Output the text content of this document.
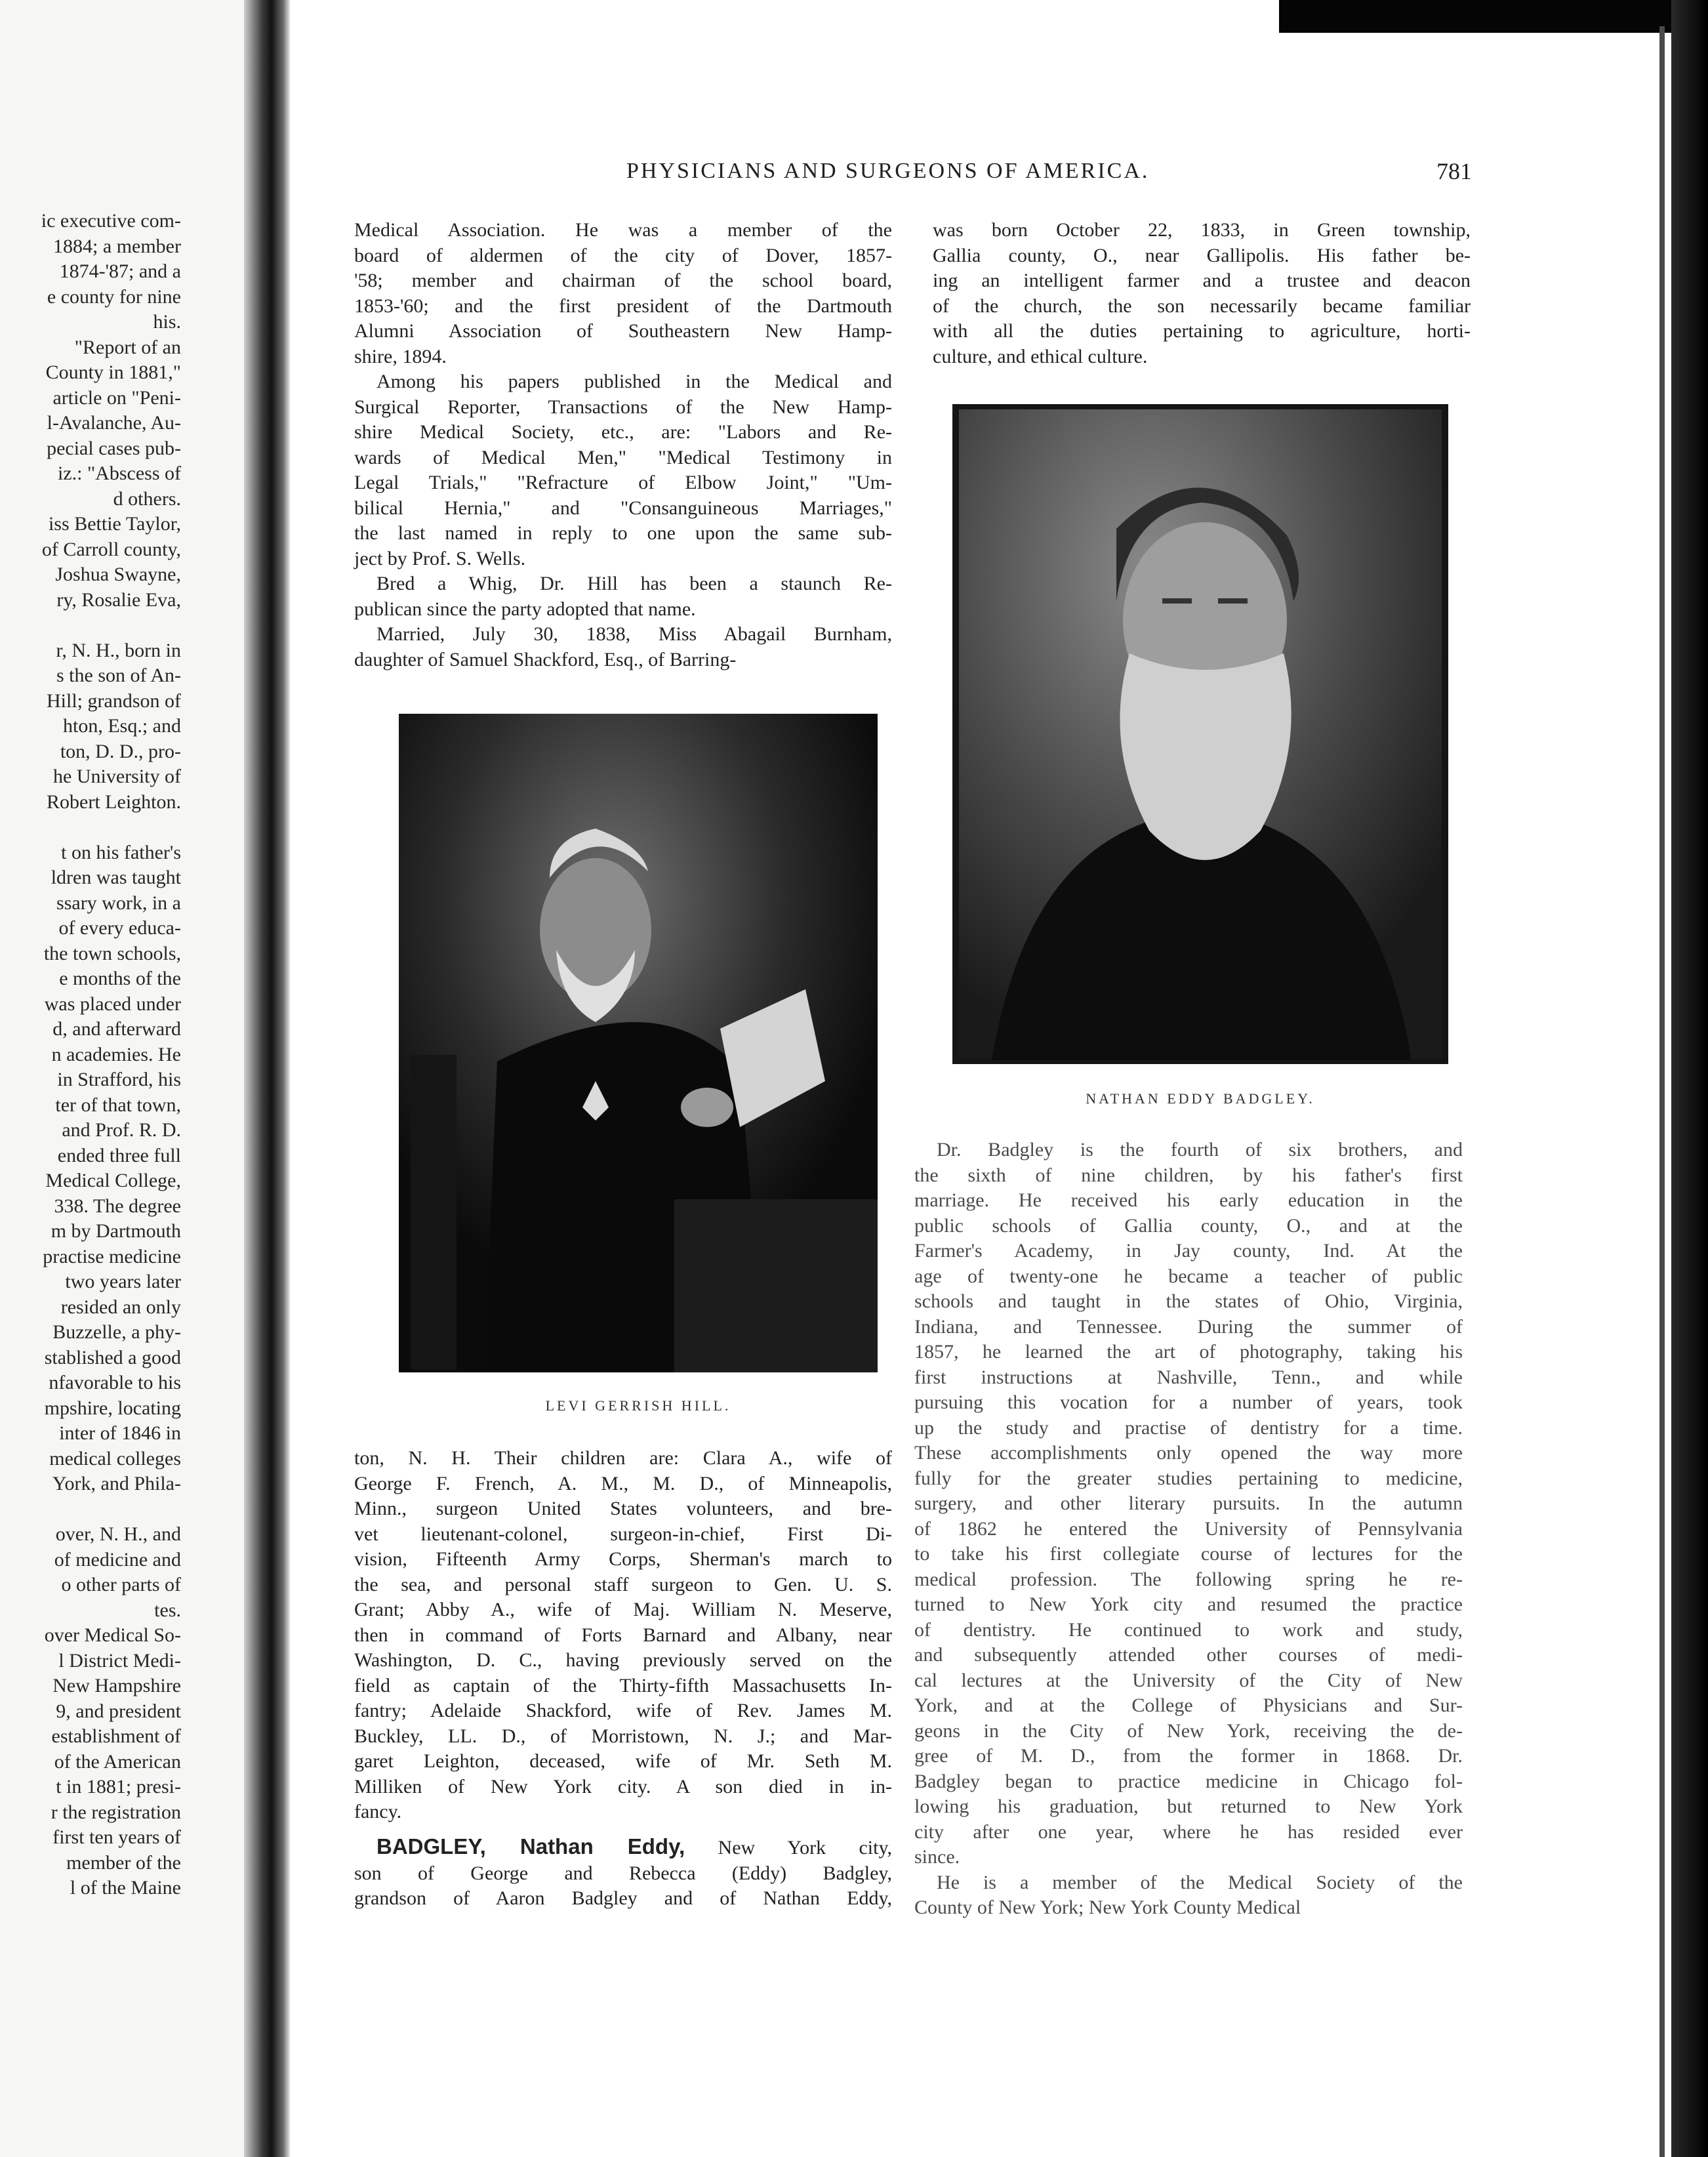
ic executive com-
1884; a member
1874-'87; and a
e county for nine
his.
"Report of an
County in 1881,"
article on "Peni-
l-Avalanche, Au-
pecial cases pub-
iz.: "Abscess of
d others.
iss Bettie Taylor,
of Carroll county,
Joshua Swayne,
ry, Rosalie Eva,

r, N. H., born in
s the son of An-
Hill; grandson of
hton, Esq.; and
ton, D. D., pro-
he University of
Robert Leighton.

t on his father's
ldren was taught
ssary work, in a
of every educa-
the town schools,
e months of the
was placed under
d, and afterward
n academies. He
in Strafford, his
ter of that town,
and Prof. R. D.
ended three full
Medical College,
338. The degree
m by Dartmouth
practise medicine
two years later
resided an only
Buzzelle, a phy-
stablished a good
nfavorable to his
mpshire, locating
inter of 1846 in
medical colleges
York, and Phila-

over, N. H., and
of medicine and
o other parts of
tes.
over Medical So-
l District Medi-
New Hampshire
9, and president
establishment of
of the American
t in 1881; presi-
r the registration
first ten years of
member of the
l of the Maine
PHYSICIANS AND SURGEONS OF AMERICA.	781
Medical Association. He was a member of the
board of aldermen of the city of Dover, 1857-
'58; member and chairman of the school board,
1853-'60; and the first president of the Dartmouth
Alumni Association of Southeastern New Hamp-
shire, 1894.
Among his papers published in the Medical and
Surgical Reporter, Transactions of the New Hamp-
shire Medical Society, etc., are: "Labors and Re-
wards of Medical Men," "Medical Testimony in
Legal Trials," "Refracture of Elbow Joint," "Um-
bilical Hernia," and "Consanguineous Marriages,"
the last named in reply to one upon the same sub-
ject by Prof. S. Wells.
Bred a Whig, Dr. Hill has been a staunch Re-
publican since the party adopted that name.
Married, July 30, 1838, Miss Abagail Burnham,
daughter of Samuel Shackford, Esq., of Barring-
LEVI GERRISH HILL.
ton, N. H. Their children are: Clara A., wife of
George F. French, A. M., M. D., of Minneapolis,
Minn., surgeon United States volunteers, and bre-
vet lieutenant-colonel, surgeon-in-chief, First Di-
vision, Fifteenth Army Corps, Sherman's march to
the sea, and personal staff surgeon to Gen. U. S.
Grant; Abby A., wife of Maj. William N. Meserve,
then in command of Forts Barnard and Albany, near
Washington, D. C., having previously served on the
field as captain of the Thirty-fifth Massachusetts In-
fantry; Adelaide Shackford, wife of Rev. James M.
Buckley, LL. D., of Morristown, N. J.; and Mar-
garet Leighton, deceased, wife of Mr. Seth M.
Milliken of New York city. A son died in in-
fancy.
BADGLEY, Nathan Eddy, New York city,
son of George and Rebecca (Eddy) Badgley,
grandson of Aaron Badgley and of Nathan Eddy,
was born October 22, 1833, in Green township,
Gallia county, O., near Gallipolis. His father be-
ing an intelligent farmer and a trustee and deacon
of the church, the son necessarily became familiar
with all the duties pertaining to agriculture, horti-
culture, and ethical culture.
NATHAN EDDY BADGLEY.
Dr. Badgley is the fourth of six brothers, and
the sixth of nine children, by his father's first
marriage. He received his early education in the
public schools of Gallia county, O., and at the
Farmer's Academy, in Jay county, Ind. At the
age of twenty-one he became a teacher of public
schools and taught in the states of Ohio, Virginia,
Indiana, and Tennessee. During the summer of
1857, he learned the art of photography, taking his
first instructions at Nashville, Tenn., and while
pursuing this vocation for a number of years, took
up the study and practise of dentistry for a time.
These accomplishments only opened the way more
fully for the greater studies pertaining to medicine,
surgery, and other literary pursuits. In the autumn
of 1862 he entered the University of Pennsylvania
to take his first collegiate course of lectures for the
medical profession. The following spring he re-
turned to New York city and resumed the practice
of dentistry. He continued to work and study,
and subsequently attended other courses of medi-
cal lectures at the University of the City of New
York, and at the College of Physicians and Sur-
geons in the City of New York, receiving the de-
gree of M. D., from the former in 1868. Dr.
Badgley began to practice medicine in Chicago fol-
lowing his graduation, but returned to New York
city after one year, where he has resided ever
since.
He is a member of the Medical Society of the
County of New York; New York County Medical
